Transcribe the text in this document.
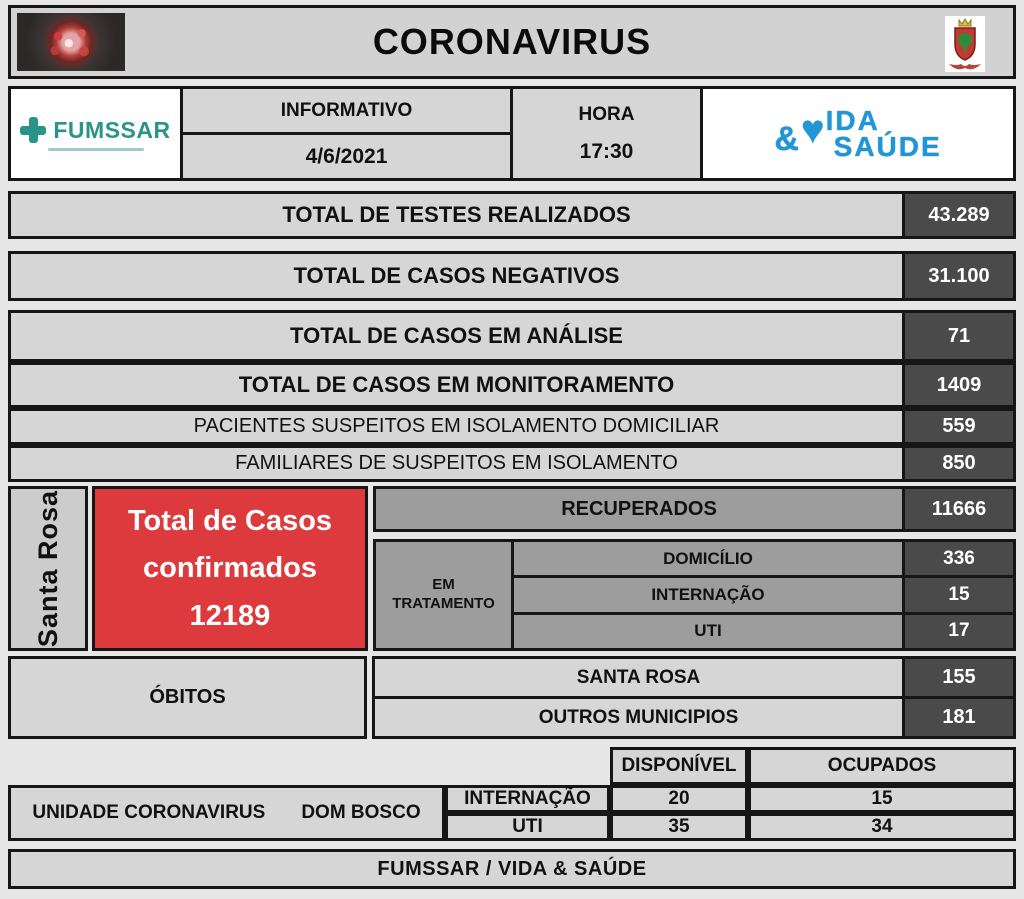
CORONAVIRUS
FUMSSAR
INFORMATIVO
4/6/2021
HORA
17:30	& ♥ IDA
SAÚDE
TOTAL DE TESTES REALIZADOS	43.289
TOTAL DE CASOS NEGATIVOS	31.100
TOTAL DE CASOS EM ANÁLISE	71
TOTAL DE CASOS EM MONITORAMENTO	1409
PACIENTES SUSPEITOS EM ISOLAMENTO DOMICILIAR	559
FAMILIARES DE SUSPEITOS EM ISOLAMENTO	850
Santa Rosa	Total de Casos
confirmados
12189
RECUPERADOS	11666
EM TRATAMENTO
DOMICÍLIO	336
INTERNAÇÃO	15
UTI	17
ÓBITOS
SANTA ROSA	155
OUTROS MUNICIPIOS	181
DISPONÍVEL	OCUPADOS
UNIDADE CORONAVIRUS DOM BOSCO
INTERNAÇÃO	20	15
UTI	35	34
FUMSSAR / VIDA & SAÚDE
